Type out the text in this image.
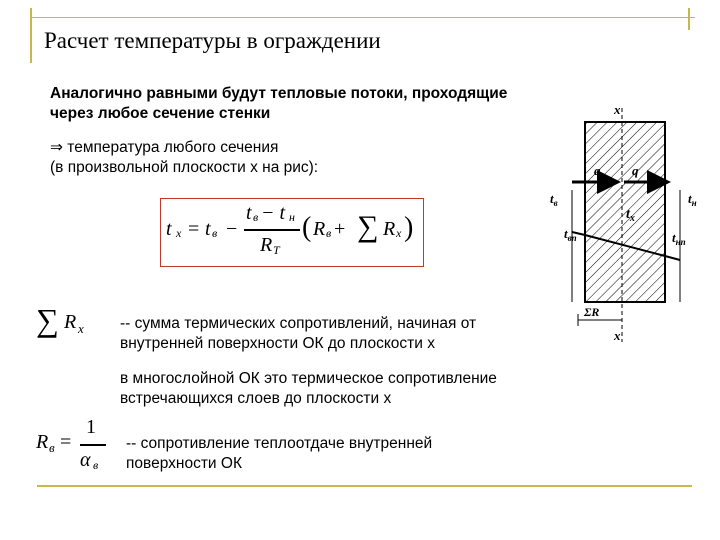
Расчет температуры в ограждении
Аналогично равными будут тепловые потоки, проходящие
через любое сечение стенки
⇒ температура любого сечения
(в произвольной плоскости x на рис):
t x = t в −
t в − t н
R T
( R в + ∑ R x )
∑ R x -- сумма термических сопротивлений, начиная от
внутренней поверхности ОК до плоскости x
в многослойной ОК это термическое сопротивление
встречающихся слоев до плоскости x
R в =
1
α в
-- сопротивление теплоотдаче внутренней
поверхности ОК
x
x
q q
$t_в$	$t_н$
$t_{вп}$	$t_{нп}$
$t_x$
ΣR
